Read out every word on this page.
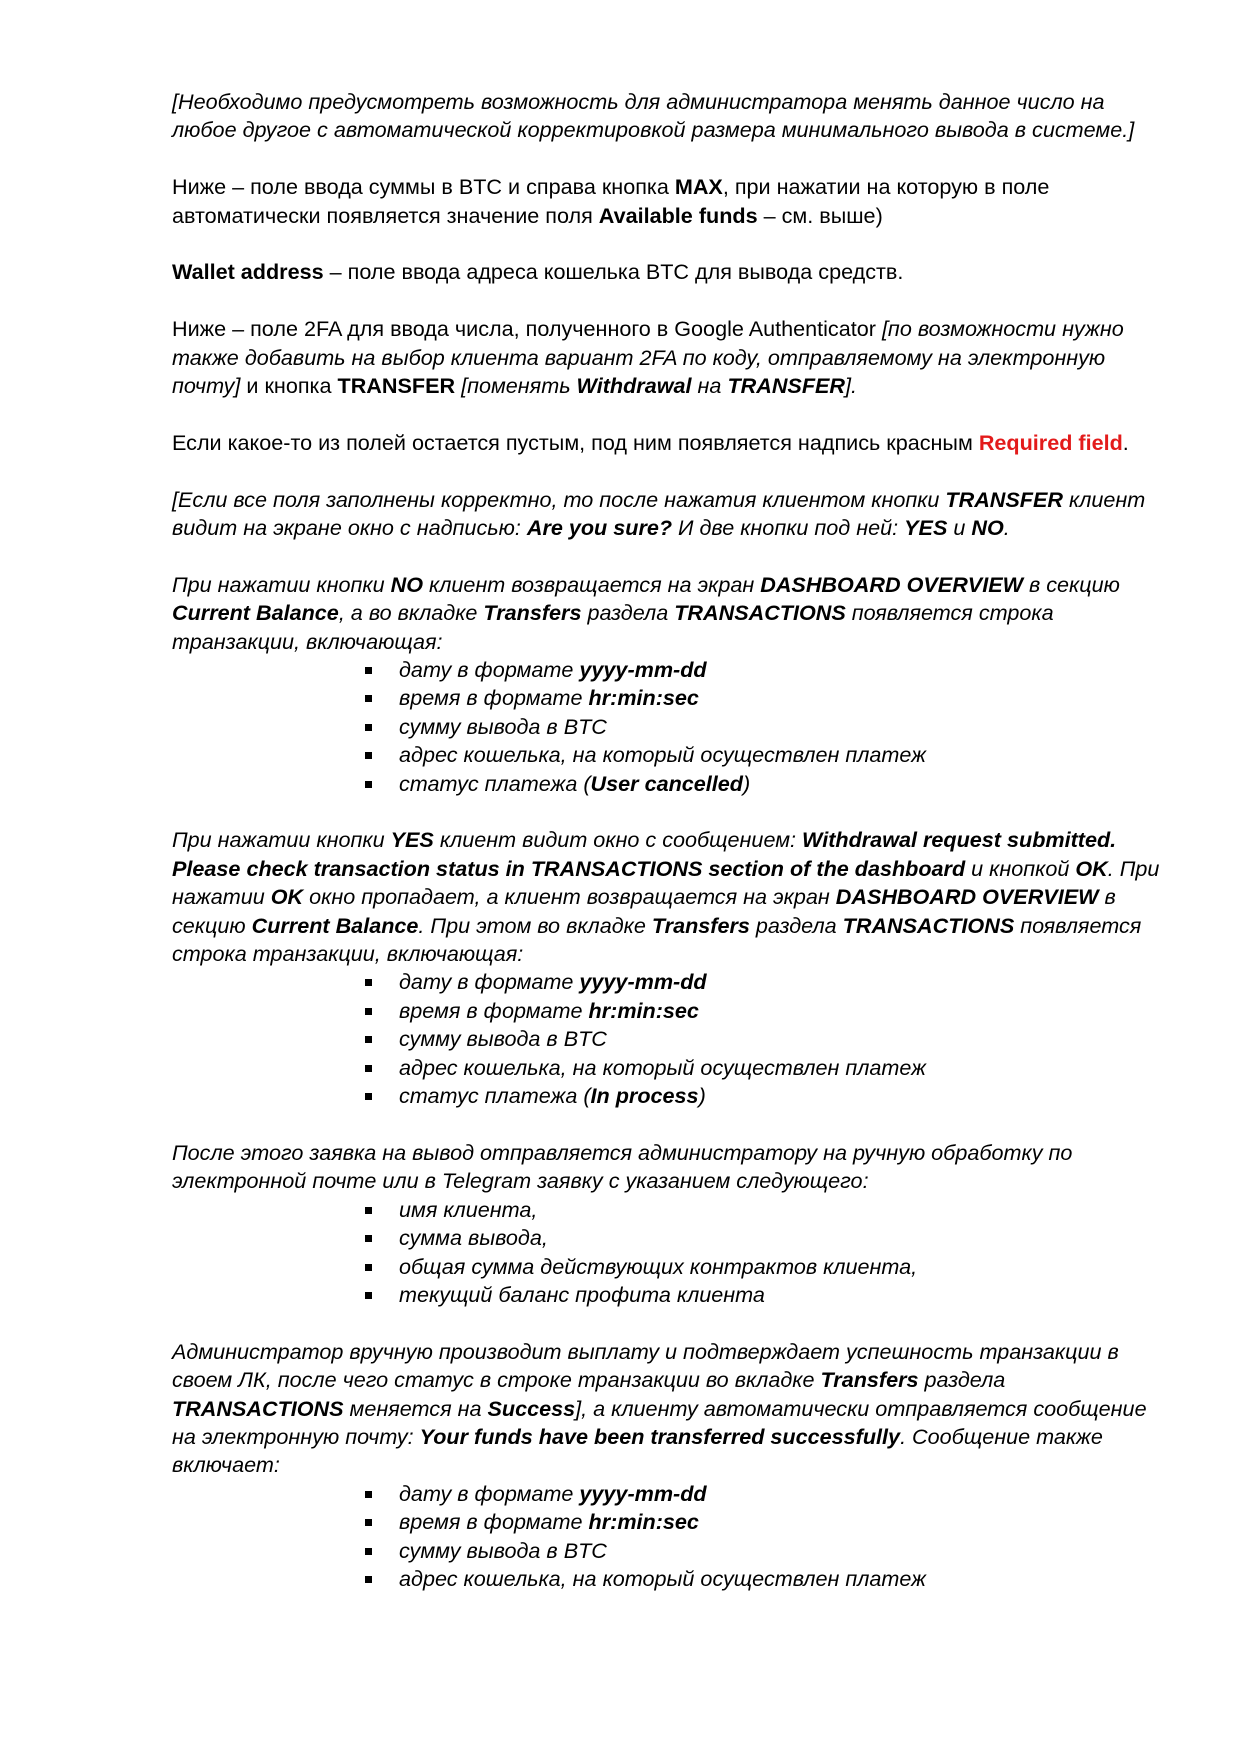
[Необходимо предусмотреть возможность для администратора менять данное число на любое другое с автоматической корректировкой размера минимального вывода в системе.]

Ниже – поле ввода суммы в BTC и справа кнопка MAX, при нажатии на которую в поле автоматически появляется значение поля Available funds – см. выше)

Wallet address – поле ввода адреса кошелька BTC для вывода средств.

Ниже – поле 2FA для ввода числа, полученного в Google Authenticator [по возможности нужно также добавить на выбор клиента вариант 2FA по коду, отправляемому на электронную почту] и кнопка TRANSFER [поменять Withdrawal на TRANSFER].

Если какое-то из полей остается пустым, под ним появляется надпись красным Required field.

[Если все поля заполнены корректно, то после нажатия клиентом кнопки TRANSFER клиент видит на экране окно с надписью: Are you sure? И две кнопки под ней: YES и NO.

При нажатии кнопки NO клиент возвращается на экран DASHBOARD OVERVIEW в секцию Current Balance, а во вкладке Transfers раздела TRANSACTIONS появляется строка транзакции, включающая:

дату в формате yyyy-mm-dd
время в формате hr:min:sec
сумму вывода в BTC
адрес кошелька, на который осуществлен платеж
статус платежа (User cancelled)

При нажатии кнопки YES клиент видит окно с сообщением: Withdrawal request submitted. Please check transaction status in TRANSACTIONS section of the dashboard и кнопкой OK. При нажатии OK окно пропадает, а клиент возвращается на экран DASHBOARD OVERVIEW в секцию Current Balance. При этом во вкладке Transfers раздела TRANSACTIONS появляется строка транзакции, включающая:

дату в формате yyyy-mm-dd
время в формате hr:min:sec
сумму вывода в BTC
адрес кошелька, на который осуществлен платеж
статус платежа (In process)

После этого заявка на вывод отправляется администратору на ручную обработку по электронной почте или в Telegram заявку с указанием следующего:

имя клиента,
сумма вывода,
общая сумма действующих контрактов клиента,
текущий баланс профита клиента

Администратор вручную производит выплату и подтверждает успешность транзакции в своем ЛК, после чего статус в строке транзакции во вкладке Transfers раздела TRANSACTIONS меняется на Success], а клиенту автоматически отправляется сообщение на электронную почту: Your funds have been transferred successfully. Сообщение также включает:

дату в формате yyyy-mm-dd
время в формате hr:min:sec
сумму вывода в BTC
адрес кошелька, на который осуществлен платеж
